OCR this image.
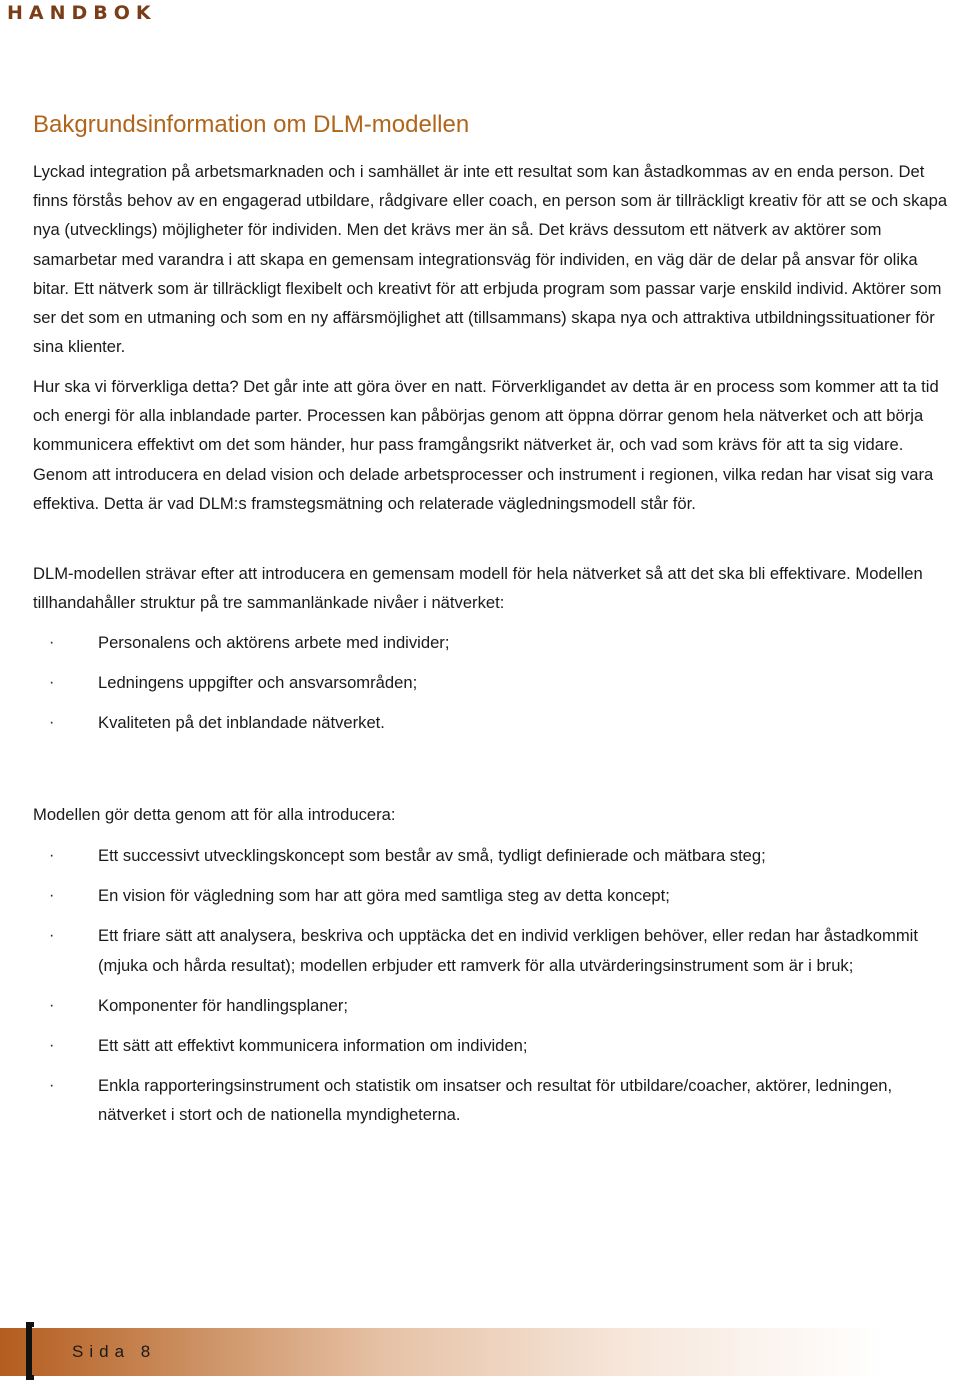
HANDBOK
Bakgrundsinformation om DLM-modellen

Lyckad integration på arbetsmarknaden och i samhället är inte ett resultat som kan åstadkommas av en enda person. Det finns förstås behov av en engagerad utbildare, rådgivare eller coach, en person som är tillräckligt kreativ för att se och skapa nya (utvecklings) möjligheter för individen. Men det krävs mer än så. Det krävs dessutom ett nätverk av aktörer som samarbetar med varandra i att skapa en gemensam integrationsväg för individen, en väg där de delar på ansvar för olika bitar. Ett nätverk som är tillräckligt flexibelt och kreativt för att erbjuda program som passar varje enskild individ. Aktörer som ser det som en utmaning och som en ny affärsmöjlighet att (tillsammans) skapa nya och attraktiva utbildningssituationer för sina klienter.

Hur ska vi förverkliga detta? Det går inte att göra över en natt. Förverkligandet av detta är en process som kommer att ta tid och energi för alla inblandade parter. Processen kan påbörjas genom att öppna dörrar genom hela nätverket och att börja kommunicera effektivt om det som händer, hur pass framgångsrikt nätverket är, och vad som krävs för att ta sig vidare. Genom att introducera en delad vision och delade arbetsprocesser och instrument i regionen, vilka redan har visat sig vara effektiva. Detta är vad DLM:s framstegsmätning och relaterade vägledningsmodell står för.

DLM-modellen strävar efter att introducera en gemensam modell för hela nätverket så att det ska bli effektivare. Modellen tillhandahåller struktur på tre sammanlänkade nivåer i nätverket:

·	Personalens och aktörens arbete med individer;
·	Ledningens uppgifter och ansvarsområden;
·	Kvaliteten på det inblandade nätverket.

Modellen gör detta genom att för alla introducera:

·	Ett successivt utvecklingskoncept som består av små, tydligt definierade och mätbara steg;
·	En vision för vägledning som har att göra med samtliga steg av detta koncept;
·	Ett friare sätt att analysera, beskriva och upptäcka det en individ verkligen behöver, eller redan har åstadkommit (mjuka och hårda resultat); modellen erbjuder ett ramverk för alla utvärderingsinstrument som är i bruk;
·	Komponenter för handlingsplaner;
·	Ett sätt att effektivt kommunicera information om individen;
·	Enkla rapporteringsinstrument och statistik om insatser och resultat för utbildare/coacher, aktörer, ledningen, nätverket i stort och de nationella myndigheterna.
Sida 8
